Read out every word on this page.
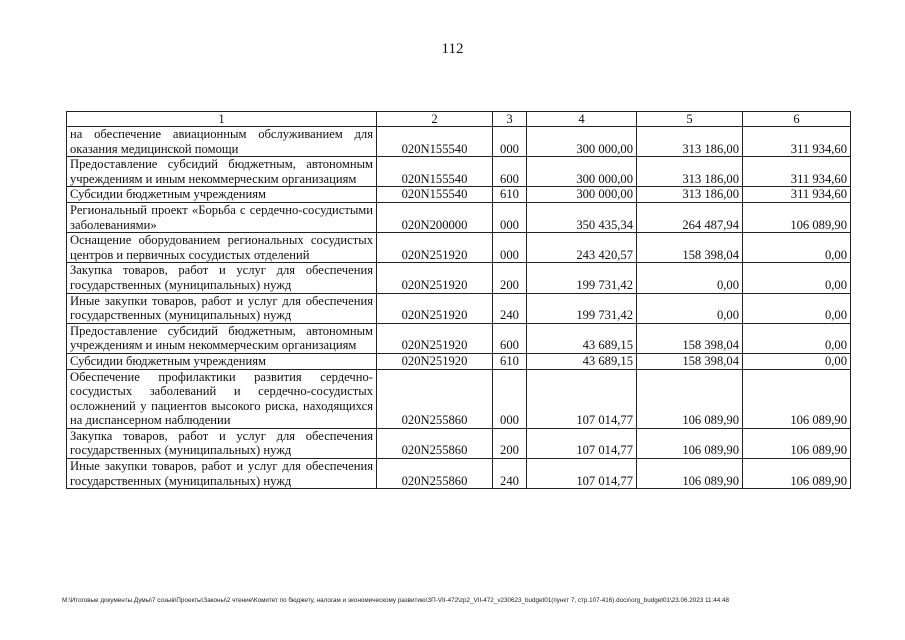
112
1	2	3	4	5	6
на обеспечение авиационным обслуживанием для оказания медицинской помощи	020N155540	000	300 000,00	313 186,00	311 934,60
Предоставление субсидий бюджетным, автономным учреждениям и иным некоммерческим организациям	020N155540	600	300 000,00	313 186,00	311 934,60
Субсидии бюджетным учреждениям	020N155540	610	300 000,00	313 186,00	311 934,60
Региональный проект «Борьба с сердечно-сосудистыми заболеваниями»	020N200000	000	350 435,34	264 487,94	106 089,90
Оснащение оборудованием региональных сосудистых центров и первичных сосудистых отделений	020N251920	000	243 420,57	158 398,04	0,00
Закупка товаров, работ и услуг для обеспечения государственных (муниципальных) нужд	020N251920	200	199 731,42	0,00	0,00
Иные закупки товаров, работ и услуг для обеспечения государственных (муниципальных) нужд	020N251920	240	199 731,42	0,00	0,00
Предоставление субсидий бюджетным, автономным учреждениям и иным некоммерческим организациям	020N251920	600	43 689,15	158 398,04	0,00
Субсидии бюджетным учреждениям	020N251920	610	43 689,15	158 398,04	0,00
Обеспечение профилактики развития сердечно-сосудистых заболеваний и сердечно-сосудистых осложнений у пациентов высокого риска, находящихся на диспансерном наблюдении	020N255860	000	107 014,77	106 089,90	106 089,90
Закупка товаров, работ и услуг для обеспечения государственных (муниципальных) нужд	020N255860	200	107 014,77	106 089,90	106 089,90
Иные закупки товаров, работ и услуг для обеспечения государственных (муниципальных) нужд	020N255860	240	107 014,77	106 089,90	106 089,90
M:\Итоговые документы Думы\7 созыв\Проекты\Законы\2 чтение\Комитет по бюджету, налогам и экономическому развитию\ЗП-VII-472\zp2_VII-472_v230623_budget01(пункт 7, стр.107-416).docx\org_budget01\23.06.2023 11:44:48
